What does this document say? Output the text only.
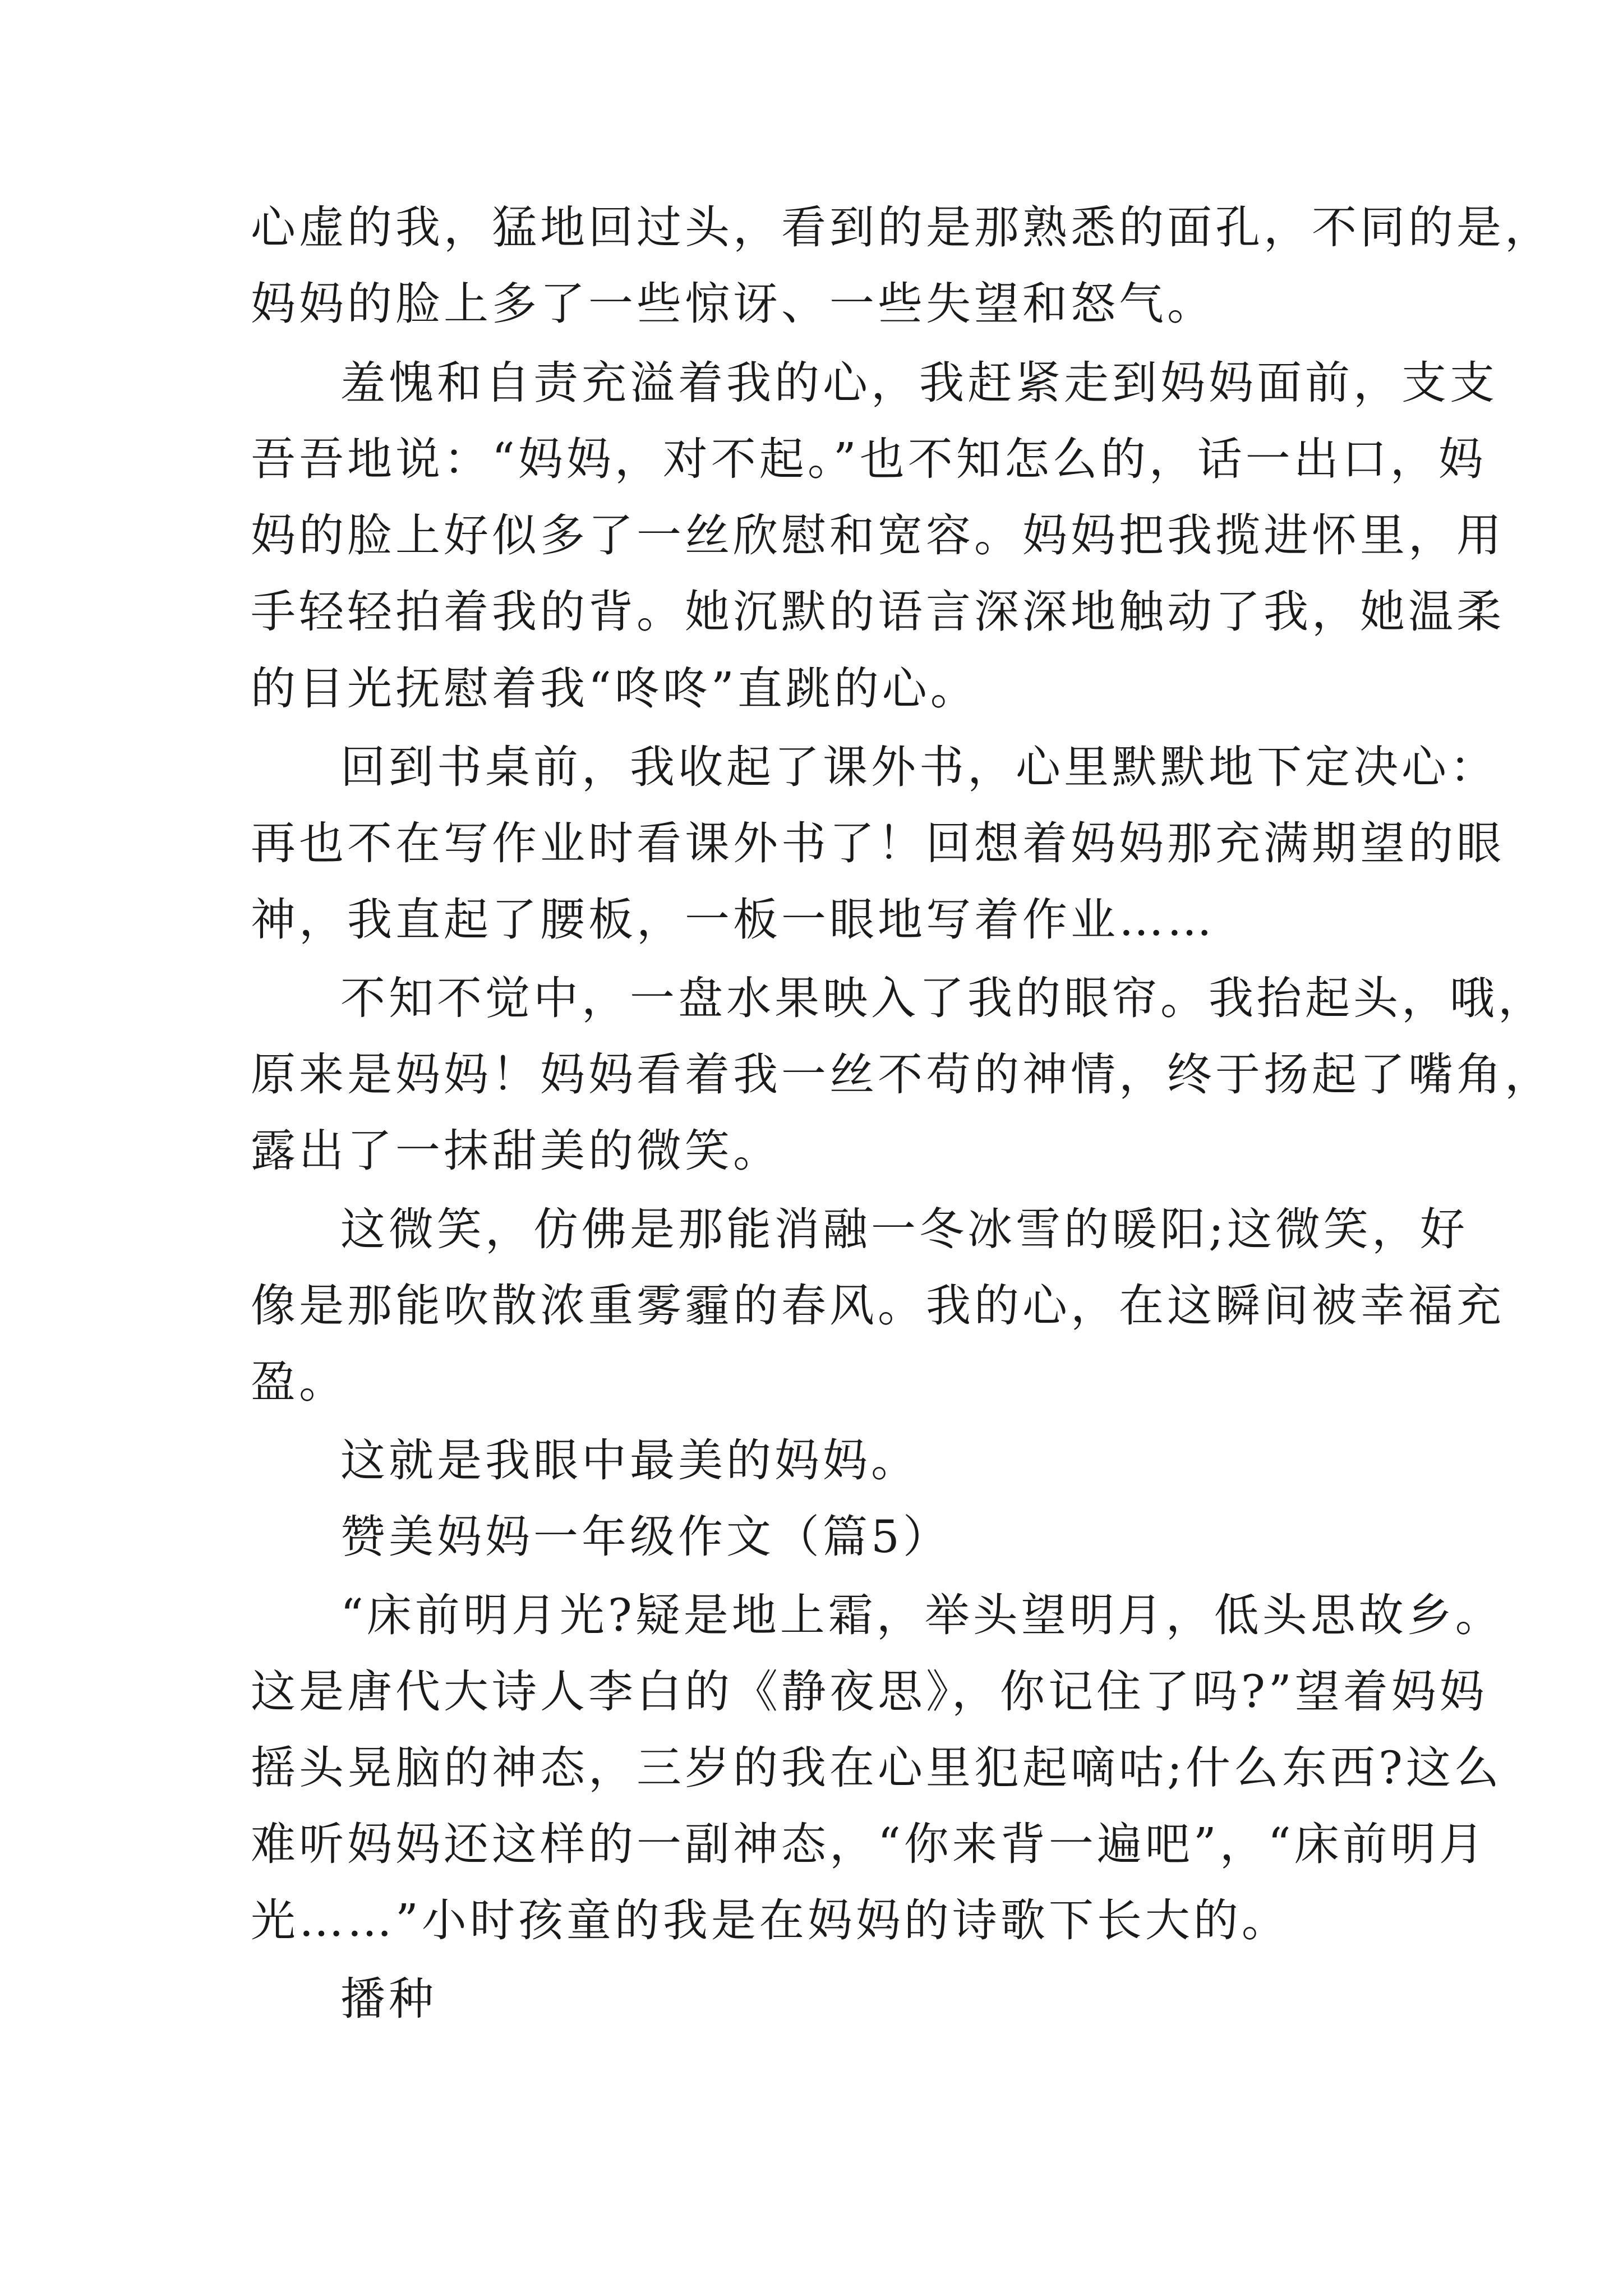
心虚的我，猛地回过头，看到的是那熟悉的面孔，不同的是，
妈妈的脸上多了一些惊讶、一些失望和怒气。
羞愧和自责充溢着我的心，我赶紧走到妈妈面前，支支
吾吾地说：“妈妈，对不起。”也不知怎么的，话一出口，妈
妈的脸上好似多了一丝欣慰和宽容。妈妈把我揽进怀里，用
手轻轻拍着我的背。她沉默的语言深深地触动了我，她温柔
的目光抚慰着我“咚咚”直跳的心。
回到书桌前，我收起了课外书，心里默默地下定决心：
再也不在写作业时看课外书了！回想着妈妈那充满期望的眼
神，我直起了腰板，一板一眼地写着作业……
不知不觉中，一盘水果映入了我的眼帘。我抬起头，哦，
原来是妈妈！妈妈看着我一丝不苟的神情，终于扬起了嘴角，
露出了一抹甜美的微笑。
这微笑，仿佛是那能消融一冬冰雪的暖阳;这微笑，好
像是那能吹散浓重雾霾的春风。我的心，在这瞬间被幸福充
盈。
这就是我眼中最美的妈妈。
赞美妈妈一年级作文（篇5）
“床前明月光?疑是地上霜，举头望明月，低头思故乡。
这是唐代大诗人李白的《静夜思》，你记住了吗?”望着妈妈
摇头晃脑的神态，三岁的我在心里犯起嘀咕;什么东西?这么
难听妈妈还这样的一副神态，“你来背一遍吧”，“床前明月
光……”小时孩童的我是在妈妈的诗歌下长大的。
播种
